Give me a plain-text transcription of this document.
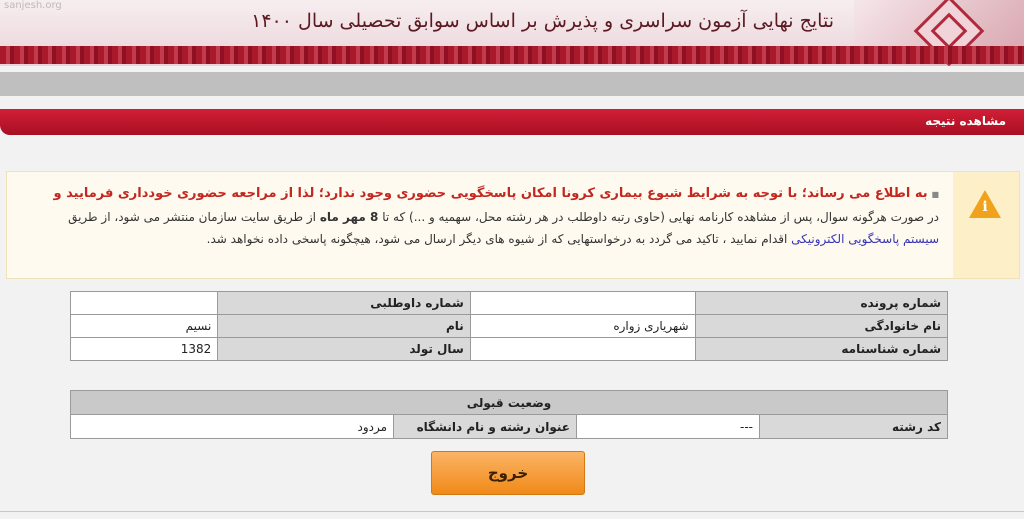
sanjesh.org
نتایج نهایی آزمون سراسری و پذیرش بر اساس سوابق تحصیلی سال ۱۴۰۰
مشاهده نتیجه
i
■ به اطلاع می رساند؛ با توجه به شرایط شیوع بیماری کرونا امکان پاسخگویی حضوری وجود ندارد؛ لذا از مراجعه حضوری خودداری فرمایید و
در صورت هرگونه سوال، پس از مشاهده کارنامه نهایی (حاوی رتبه داوطلب در هر رشته محل، سهمیه و ...) که تا 8 مهر ماه از طریق سایت سازمان منتشر می شود، از طریق سیستم پاسخگویی الکترونیکی اقدام نمایید ، تاکید می گردد به درخواستهایی که از شیوه های دیگر ارسال می شود، هیچگونه پاسخی داده نخواهد شد.
شماره پرونده		شماره داوطلبی	
نام خانوادگی	شهریاری زواره	نام	نسیم
شماره شناسنامه		سال تولد	1382
وضعیت قبولی
کد رشته	---	عنوان رشته و نام دانشگاه	مردود
خروج
